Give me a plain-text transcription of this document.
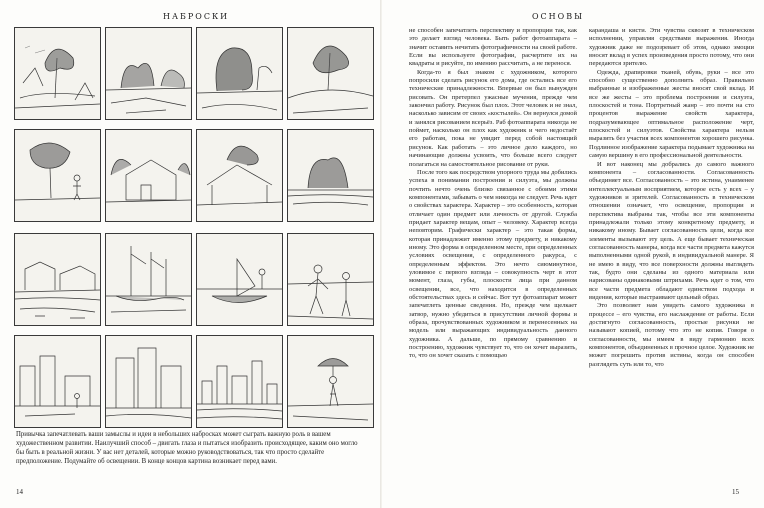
НАБРОСКИ
Привычка запечатлевать ваши замыслы и идеи в небольших набросках может сыграть важную роль в вашем художественном развитии. Наилучший способ – двигать глаза и пытаться изобразить происходящее, каким оно могло бы быть в реальной жизни. У вас нет деталей, которые можно руководствоваться, так что просто сделайте предположение. Подумайте об освещении. В конце концов картина возникает перед вами.
14
ОСНОВЫ

не способен запечатлеть перспективу и пропорции так, как это делает взгляд человека. Быть работ фотоаппарата – значит оставить нечитать фотографичности на своей работе. Если вы используете фотографии, расчертите их на квадраты и рисуйте, по имению рассчитать, а не перенося.

Когда-то я был знаком с художником, которого попросили сделать рисунок его дома, где остались все его технические принадлежности. Впервые он был вынужден рисовать. Он претерпел ужасные мучения, прежде чем закончил работу. Рисунок был плох. Этот человек и не знал, насколько зависим от своих «костылей». Он вернулся домой и занялся рисованием всерьёз. Раб фотоаппарата никогда не поймет, насколько он плох как художник и чего недостаёт его работам, пока не увидит перед собой настоящий рисунок. Как работать – это личное дело каждого, но начинающие должны усвоить, что больше всего следует полагаться на самостоятельное рисование от руки.

После того как посредством упорного труда мы добились успеха в понимании построения и силуэта, мы должны почтить нечто очень близко связанное с обоими этими компонентами, забывать о чем никогда не следует. Речь идет о свойствах характера. Характер – это особенность, которая отличает один предмет или личность от другой. Служба придает характер вещам, опыт – человеку. Характер всегда неповторим. Графически характер – это такая форма, которая принадлежит именно этому предмету, и никакому иному. Это форма в определенном месте, при определенных условиях освещения, с определенного ракурса, с определенным эффектом. Это нечто сиюминутное, уловимое с первого взгляда – совокупность черт в этот момент, глаза, губы, плоскости лица при данном освещении, все, что находится в определенных обстоятельствах здесь и сейчас. Вот тут фотоаппарат может запечатлеть ценные сведения. Но, прежде чем щелкает затвор, нужно убедиться в присутствии личной формы и образа, прочувствованных художником и перенесенных на модель или выражающих индивидуальность данного художника. А дальше, по прямому сравнению и построению, художник чувствует то, что он хочет выразить, то, что он хочет сказать с помощью

карандаша и кисти. Эти чувства сквозят в техническом исполнении, управляя средствами выражения. Иногда художник даже не подозревает об этом, однако эмоции вносят вклад в успех произведения просто потому, что они передаются зрителю.

Одежда, драпировки тканей, обувь, руки – все это способно существенно дополнить образ. Правильно выбранные и изображенные жесты вносят свой вклад. И все же жесты – это проблема построения и силуэта, плоскостей и тона. Портретный жанр – это почти на сто процентов выражение свойств характера, подразумевающее оптимальное расположение черт, плоскостей и силуэтов. Свойства характера нельзя выразить без участия всех компонентов хорошего рисунка. Подлинное изображение характера подымает художника на самую вершину в его профессиональной деятельности.

И вот наконец мы добрались до самого важного компонента – согласованности. Согласованность объединяет все. Согласованность – это истина, унаименее интеллектуальным восприятием, которое есть у всех – у художников и зрителей. Согласованность в техническом отношении означает, что освещение, пропорции и перспектива выбраны так, чтобы все эти компоненты принадлежали только этому конкретному предмету, и никакому иному. Бывает согласованность цели, когда все элементы вызывают эту цель. А еще бывает техническая согласованность манеры, когда все части предмета кажутся выполненными одной рукой, в индивидуальной манере. Я не имею в виду, что все поверхности должны выглядеть так, будто они сделаны из одного материала или нарисованы одинаковыми штрихами. Речь идет о том, что все части предмета обладают единством подхода и видения, которые выстраивают цельный образ.

Это позволяет нам увидеть самого художника в процессе – его чувства, его наслаждение от работы. Если достигнуто согласованность, простые рисунки не называют копией, потому что это не копия. Говоря о согласованности, мы имеем в виду гармонию всех компонентов, объединенных в прочное целое. Художник не может погрешить против истины, когда он способен разглядеть суть или то, что

15
